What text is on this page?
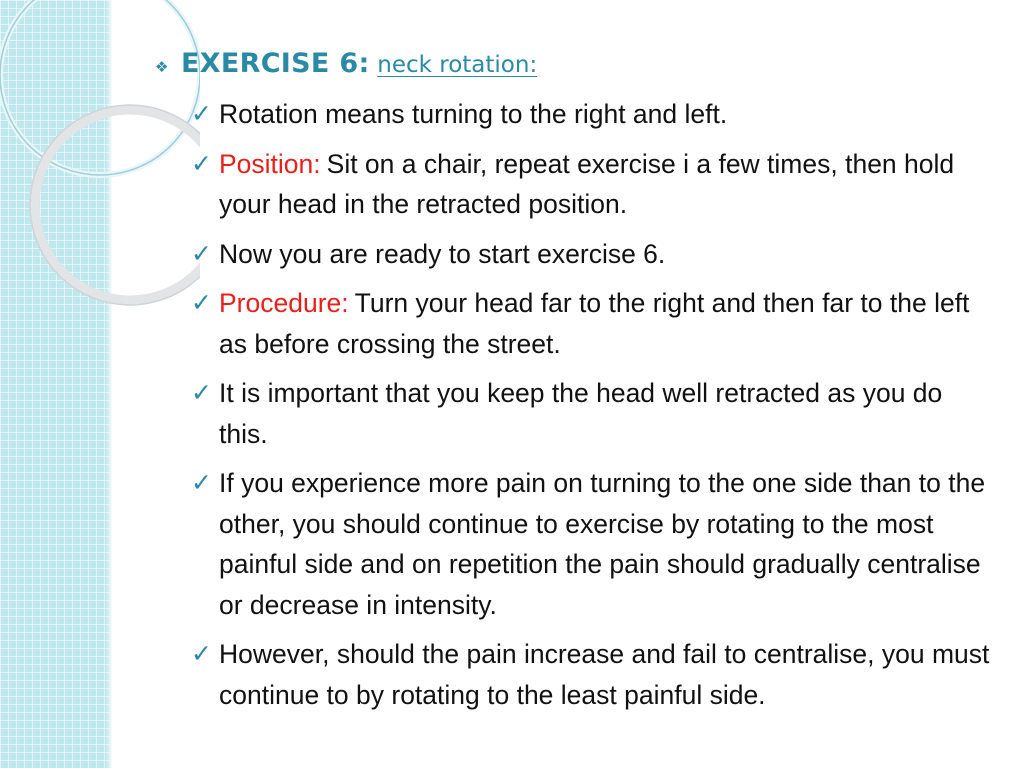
❖ EXERCISE 6 : neck rotation:
✓ Rotation means turning to the right and left.
✓ Position: Sit on a chair, repeat exercise i a few times, then hold your head in the retracted position.
✓ Now you are ready to start exercise 6.
✓ Procedure: Turn your head far to the right and then far to the left as before crossing the street.
✓ It is important that you keep the head well retracted as you do this.
✓ If you experience more pain on turning to the one side than to the other, you should continue to exercise by rotating to the most painful side and on repetition the pain should gradually centralise or decrease in intensity.
✓ However, should the pain increase and fail to centralise, you must continue to by rotating to the least painful side.
